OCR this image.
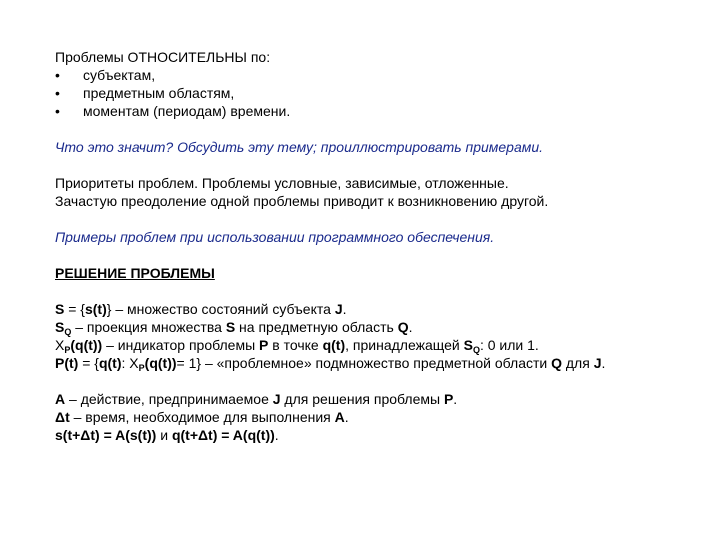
Проблемы ОТНОСИТЕЛЬНЫ по:
•	субъектам,
•	предметным областям,
•	моментам (периодам) времени.
Что это значит? Обсудить эту тему; проиллюстрировать примерами.
Приоритеты проблем. Проблемы условные, зависимые, отложенные.
Зачастую преодоление одной проблемы приводит к возникновению другой.
Примеры проблем при использовании программного обеспечения.
РЕШЕНИЕ ПРОБЛЕМЫ
S = {s(t)} – множество состояний субъекта J.
$S_Q$ – проекция множества S на предметную область Q.
$X_P(q(t))$ – индикатор проблемы P в точке q(t), принадлежащей $S_Q$: 0 или 1.
P(t) = {q(t): $X_P(q(t))= 1$} – «проблемное» подмножество предметной области Q для J.
A – действие, предпринимаемое J для решения проблемы P.
Δt – время, необходимое для выполнения A.
s(t+Δt) = A(s(t)) и q(t+Δt) = A(q(t)).
